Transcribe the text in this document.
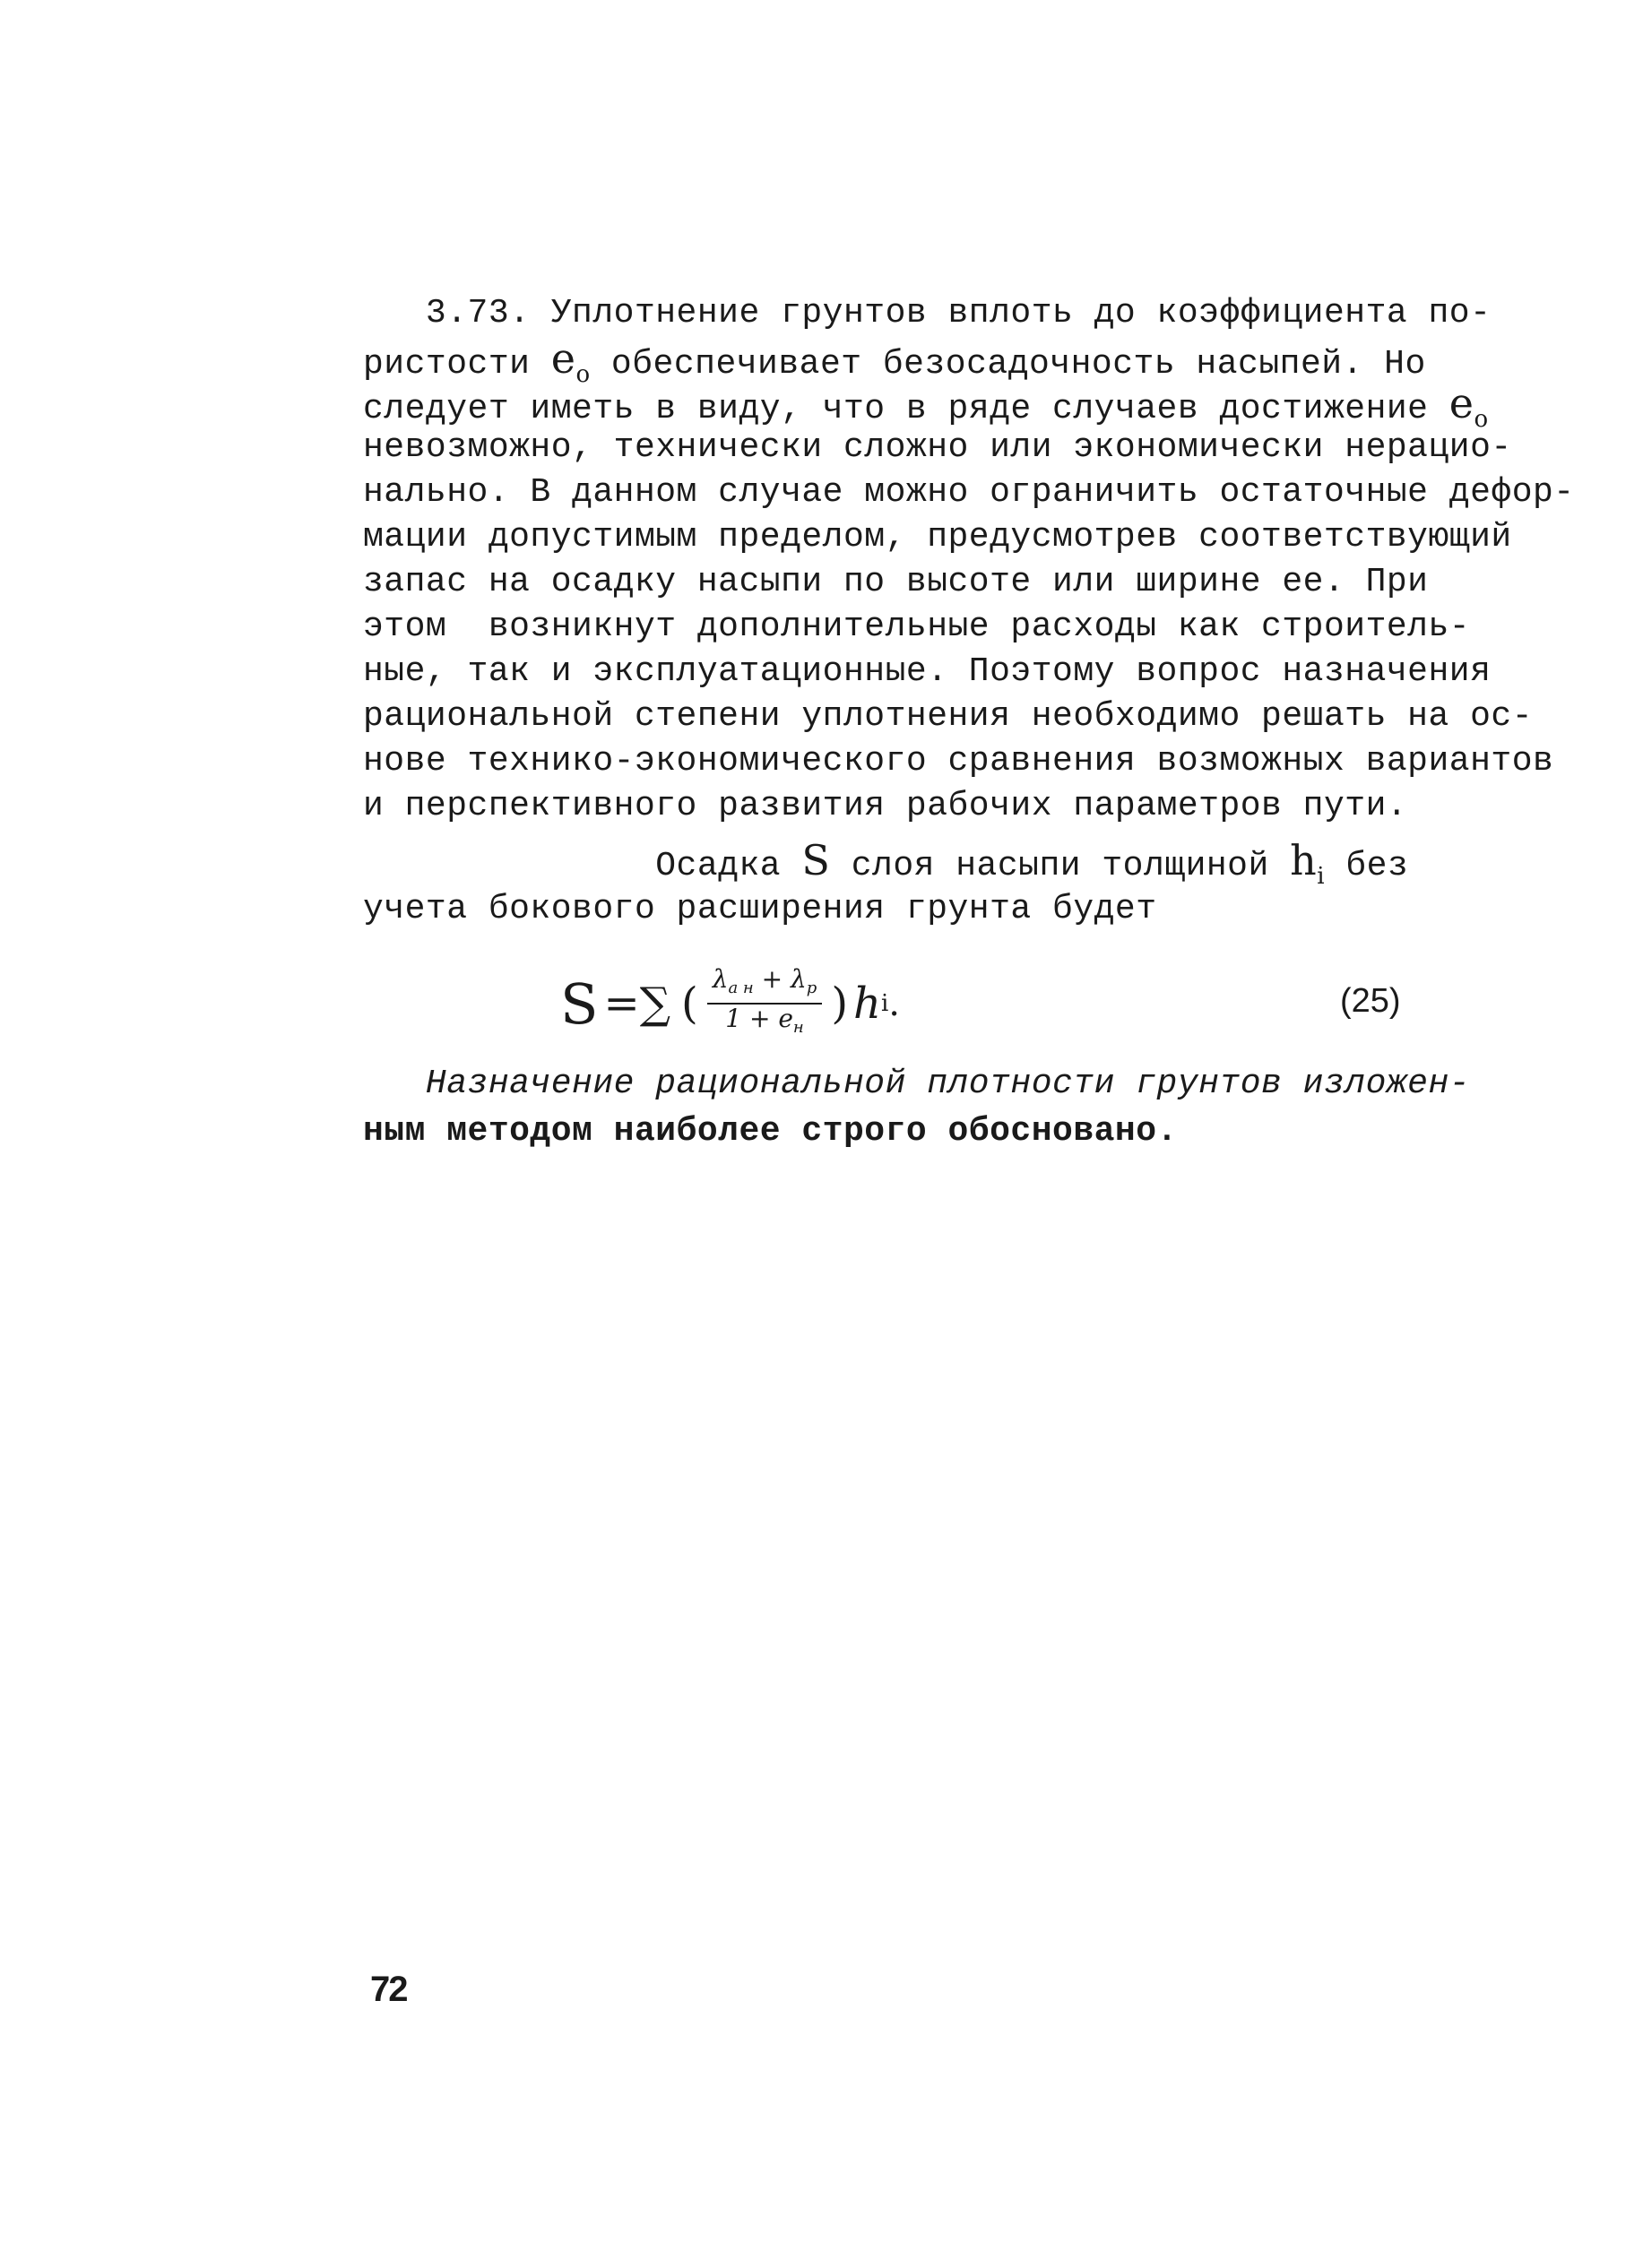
3.73. Уплотнение грунтов вплоть до коэффициента по-
ристости $e_o$ обеспечивает безосадочность насыпей. Но
следует иметь в виду, что в ряде случаев достижение $e_o$
невозможно, технически сложно или экономически нерацио-
нально. В данном случае можно ограничить остаточные дефор-
мации допустимым пределом, предусмотрев соответствующий
запас на осадку насыпи по высоте или ширине ее. При
этом  возникнут дополнительные расходы как строитель-
ные, так и эксплуатационные. Поэтому вопрос назначения
рациональной степени уплотнения необходимо решать на ос-
нове технико-экономического сравнения возможных вариантов
и перспективного развития рабочих параметров пути.
Осадка S слоя насыпи толщиной $h_i$ без
учета бокового расширения грунта будет
S =∑ ( $\frac{\lambda_{a н} + \lambda_p}{1 + e_н}$ ) h i .	(25)
Назначение рациональной плотности грунтов изложен-
ным методом наиболее строго обосновано.
72
